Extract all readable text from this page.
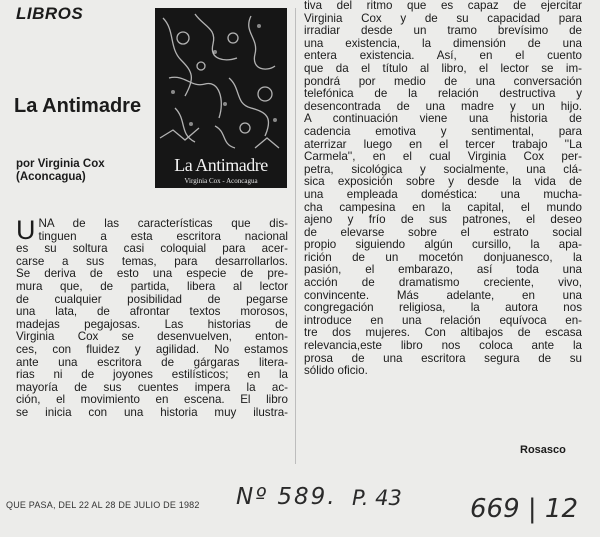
LIBROS
La Antimadre
Virginia Cox - Aconcagua
La Antimadre
por Virginia Cox
(Aconcagua)
U NA de las características que dis-
tinguen a esta escritora nacional
es su soltura casi coloquial para acer-
carse a sus temas, para desarrollarlos.
Se deriva de esto una especie de pre-
mura que, de partida, libera al lector
de cualquier posibilidad de pegarse
una lata, de afrontar textos morosos,
madejas pegajosas. Las historias de
Virginia Cox se desenvuelven, enton-
ces, con fluidez y agilidad. No estamos
ante una escritora de gárgaras litera-
rias ni de joyones estilísticos; en la
mayoría de sus cuentes impera la ac-
ción, el movimiento en escena. El libro
se inicia con una historia muy ilustra-
tiva del ritmo que es capaz de ejercitar
Virginia Cox y de su capacidad para
irradiar desde un tramo brevísimo de
una existencia, la dimensión de una
entera existencia. Así, en el cuento
que da el título al libro, el lector se im-
pondrá por medio de una conversación
telefónica de la relación destructiva y
desencontrada de una madre y un hijo.
A continuación viene una historia de
cadencia emotiva y sentimental, para
aterrizar luego en el tercer trabajo ''La
Carmela'', en el cual Virginia Cox per-
petra, sicológica y socialmente, una clá-
sica exposición sobre y desde la vida de
una empleada doméstica: una mucha-
cha campesina en la capital, el mundo
ajeno y frío de sus patrones, el deseo
de elevarse sobre el estrato social
propio siguiendo algún cursillo, la apa-
rición de un mocetón donjuanesco, la
pasión, el embarazo, así toda una
acción de dramatismo creciente, vivo,
convincente. Más adelante, en una
congregación religiosa, la autora nos
introduce en una relación equívoca en-
tre dos mujeres. Con altibajos de escasa
relevancia,este libro nos coloca ante la
prosa de una escritora segura de su
sólido oficio.
Rosasco
QUE PASA, DEL 22 AL 28 DE JULIO DE 1982 Nº 589. P. 43	669 | 12
